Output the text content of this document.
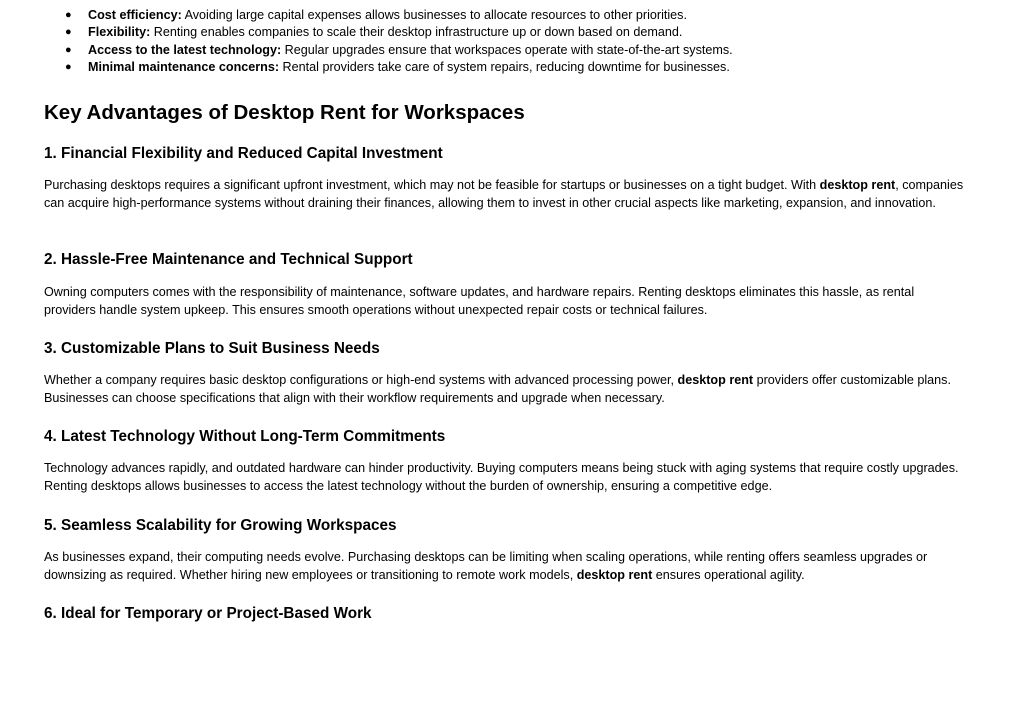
● Cost efficiency: Avoiding large capital expenses allows businesses to allocate resources to other priorities.
● Flexibility: Renting enables companies to scale their desktop infrastructure up or down based on demand.
● Access to the latest technology: Regular upgrades ensure that workspaces operate with state-of-the-art systems.
● Minimal maintenance concerns: Rental providers take care of system repairs, reducing downtime for businesses.
Key Advantages of Desktop Rent for Workspaces
1. Financial Flexibility and Reduced Capital Investment

Purchasing desktops requires a significant upfront investment, which may not be feasible for startups or businesses on a tight budget. With desktop rent, companies can acquire high-performance systems without draining their finances, allowing them to invest in other crucial aspects like marketing, expansion, and innovation.

2. Hassle-Free Maintenance and Technical Support

Owning computers comes with the responsibility of maintenance, software updates, and hardware repairs. Renting desktops eliminates this hassle, as rental providers handle system upkeep. This ensures smooth operations without unexpected repair costs or technical failures.

3. Customizable Plans to Suit Business Needs

Whether a company requires basic desktop configurations or high-end systems with advanced processing power, desktop rent providers offer customizable plans. Businesses can choose specifications that align with their workflow requirements and upgrade when necessary.

4. Latest Technology Without Long-Term Commitments

Technology advances rapidly, and outdated hardware can hinder productivity. Buying computers means being stuck with aging systems that require costly upgrades. Renting desktops allows businesses to access the latest technology without the burden of ownership, ensuring a competitive edge.

5. Seamless Scalability for Growing Workspaces

As businesses expand, their computing needs evolve. Purchasing desktops can be limiting when scaling operations, while renting offers seamless upgrades or downsizing as required. Whether hiring new employees or transitioning to remote work models, desktop rent ensures operational agility.

6. Ideal for Temporary or Project-Based Work
